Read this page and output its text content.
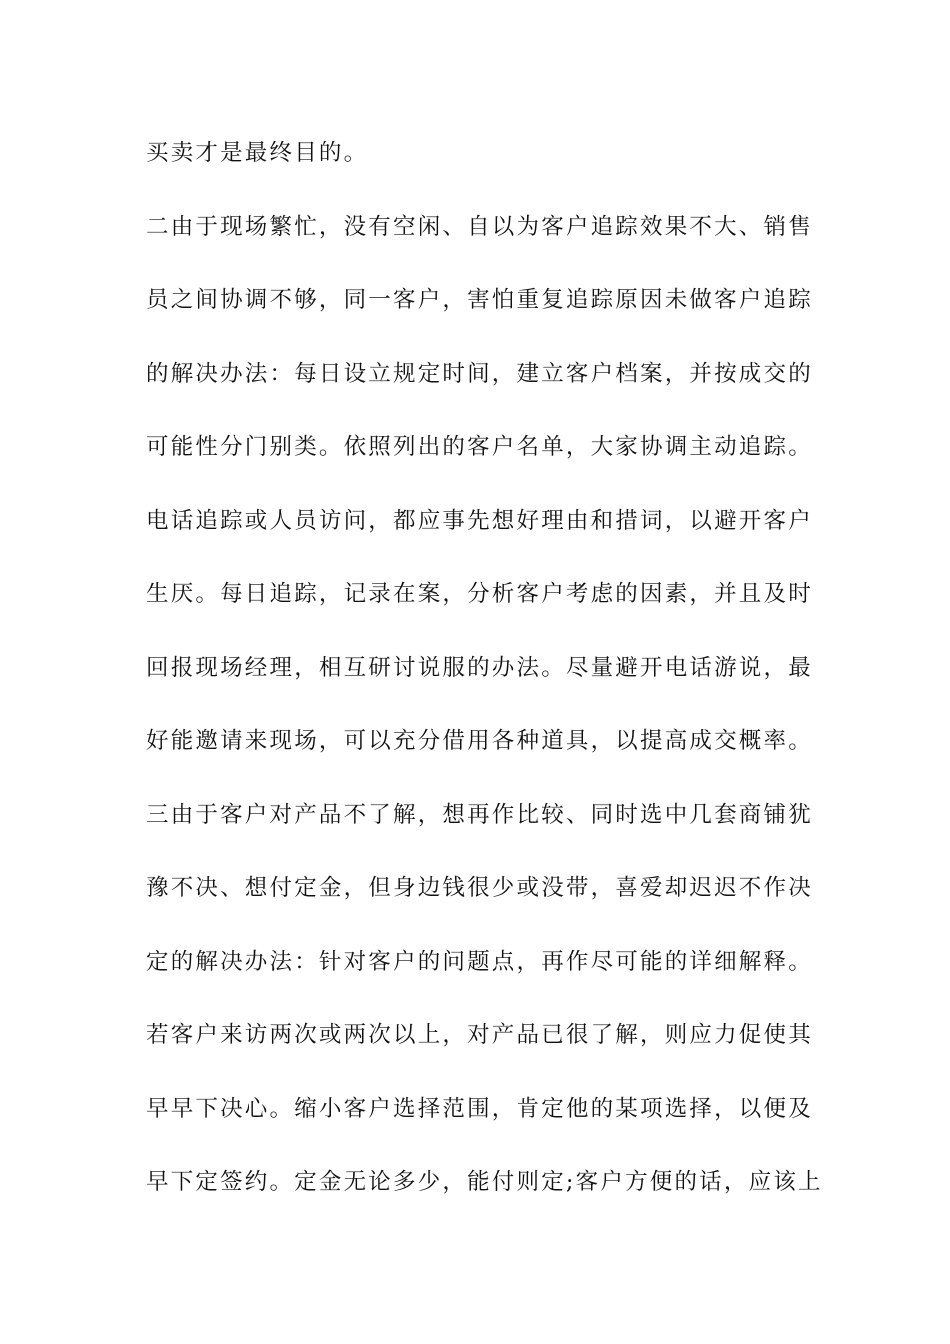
买卖才是最终目的。
二由于现场繁忙，没有空闲、自以为客户追踪效果不大、销售
员之间协调不够，同一客户，害怕重复追踪原因未做客户追踪
的解决办法：每日设立规定时间，建立客户档案，并按成交的
可能性分门别类。依照列出的客户名单，大家协调主动追踪。
电话追踪或人员访问，都应事先想好理由和措词，以避开客户
生厌。每日追踪，记录在案，分析客户考虑的因素，并且及时
回报现场经理，相互研讨说服的办法。尽量避开电话游说，最
好能邀请来现场，可以充分借用各种道具，以提高成交概率。
三由于客户对产品不了解，想再作比较、同时选中几套商铺犹
豫不决、想付定金，但身边钱很少或没带，喜爱却迟迟不作决
定的解决办法：针对客户的问题点，再作尽可能的详细解释。
若客户来访两次或两次以上，对产品已很了解，则应力促使其
早早下决心。缩小客户选择范围，肯定他的某项选择，以便及
早下定签约。定金无论多少，能付则定;客户方便的话，应该上
